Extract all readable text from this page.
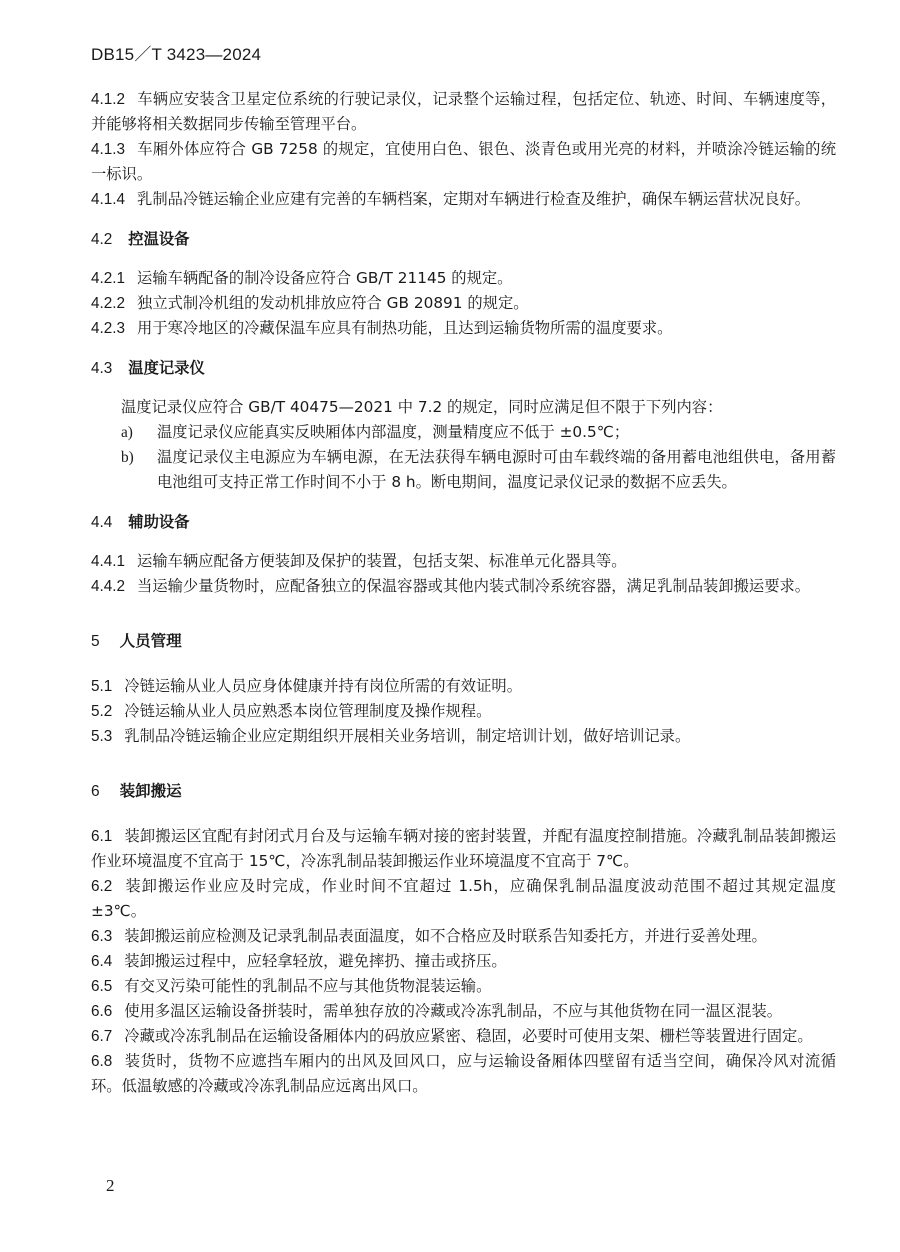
DB15／T 3423—2024
4.1.2 车辆应安装含卫星定位系统的行驶记录仪，记录整个运输过程，包括定位、轨迹、时间、车辆速度等，并能够将相关数据同步传输至管理平台。
4.1.3 车厢外体应符合 GB 7258 的规定，宜使用白色、银色、淡青色或用光亮的材料，并喷涂冷链运输的统一标识。
4.1.4 乳制品冷链运输企业应建有完善的车辆档案，定期对车辆进行检查及维护，确保车辆运营状况良好。
4.2 控温设备
4.2.1 运输车辆配备的制冷设备应符合 GB/T 21145 的规定。
4.2.2 独立式制冷机组的发动机排放应符合 GB 20891 的规定。
4.2.3 用于寒冷地区的冷藏保温车应具有制热功能，且达到运输货物所需的温度要求。
4.3 温度记录仪
温度记录仪应符合 GB/T 40475—2021 中 7.2 的规定，同时应满足但不限于下列内容：
a)	温度记录仪应能真实反映厢体内部温度，测量精度应不低于 ±0.5℃；
b)	温度记录仪主电源应为车辆电源，在无法获得车辆电源时可由车载终端的备用蓄电池组供电，备用蓄电池组可支持正常工作时间不小于 8 h。断电期间，温度记录仪记录的数据不应丢失。
4.4 辅助设备
4.4.1 运输车辆应配备方便装卸及保护的装置，包括支架、标准单元化器具等。
4.4.2 当运输少量货物时，应配备独立的保温容器或其他内装式制冷系统容器，满足乳制品装卸搬运要求。
5 人员管理
5.1 冷链运输从业人员应身体健康并持有岗位所需的有效证明。
5.2 冷链运输从业人员应熟悉本岗位管理制度及操作规程。
5.3 乳制品冷链运输企业应定期组织开展相关业务培训，制定培训计划，做好培训记录。
6 装卸搬运
6.1 装卸搬运区宜配有封闭式月台及与运输车辆对接的密封装置，并配有温度控制措施。冷藏乳制品装卸搬运作业环境温度不宜高于 15℃，冷冻乳制品装卸搬运作业环境温度不宜高于 7℃。
6.2 装卸搬运作业应及时完成，作业时间不宜超过 1.5h，应确保乳制品温度波动范围不超过其规定温度 ±3℃。
6.3 装卸搬运前应检测及记录乳制品表面温度，如不合格应及时联系告知委托方，并进行妥善处理。
6.4 装卸搬运过程中，应轻拿轻放，避免摔扔、撞击或挤压。
6.5 有交叉污染可能性的乳制品不应与其他货物混装运输。
6.6 使用多温区运输设备拼装时，需单独存放的冷藏或冷冻乳制品，不应与其他货物在同一温区混装。
6.7 冷藏或冷冻乳制品在运输设备厢体内的码放应紧密、稳固，必要时可使用支架、栅栏等装置进行固定。
6.8 装货时，货物不应遮挡车厢内的出风及回风口，应与运输设备厢体四壁留有适当空间，确保冷风对流循环。低温敏感的冷藏或冷冻乳制品应远离出风口。
2
